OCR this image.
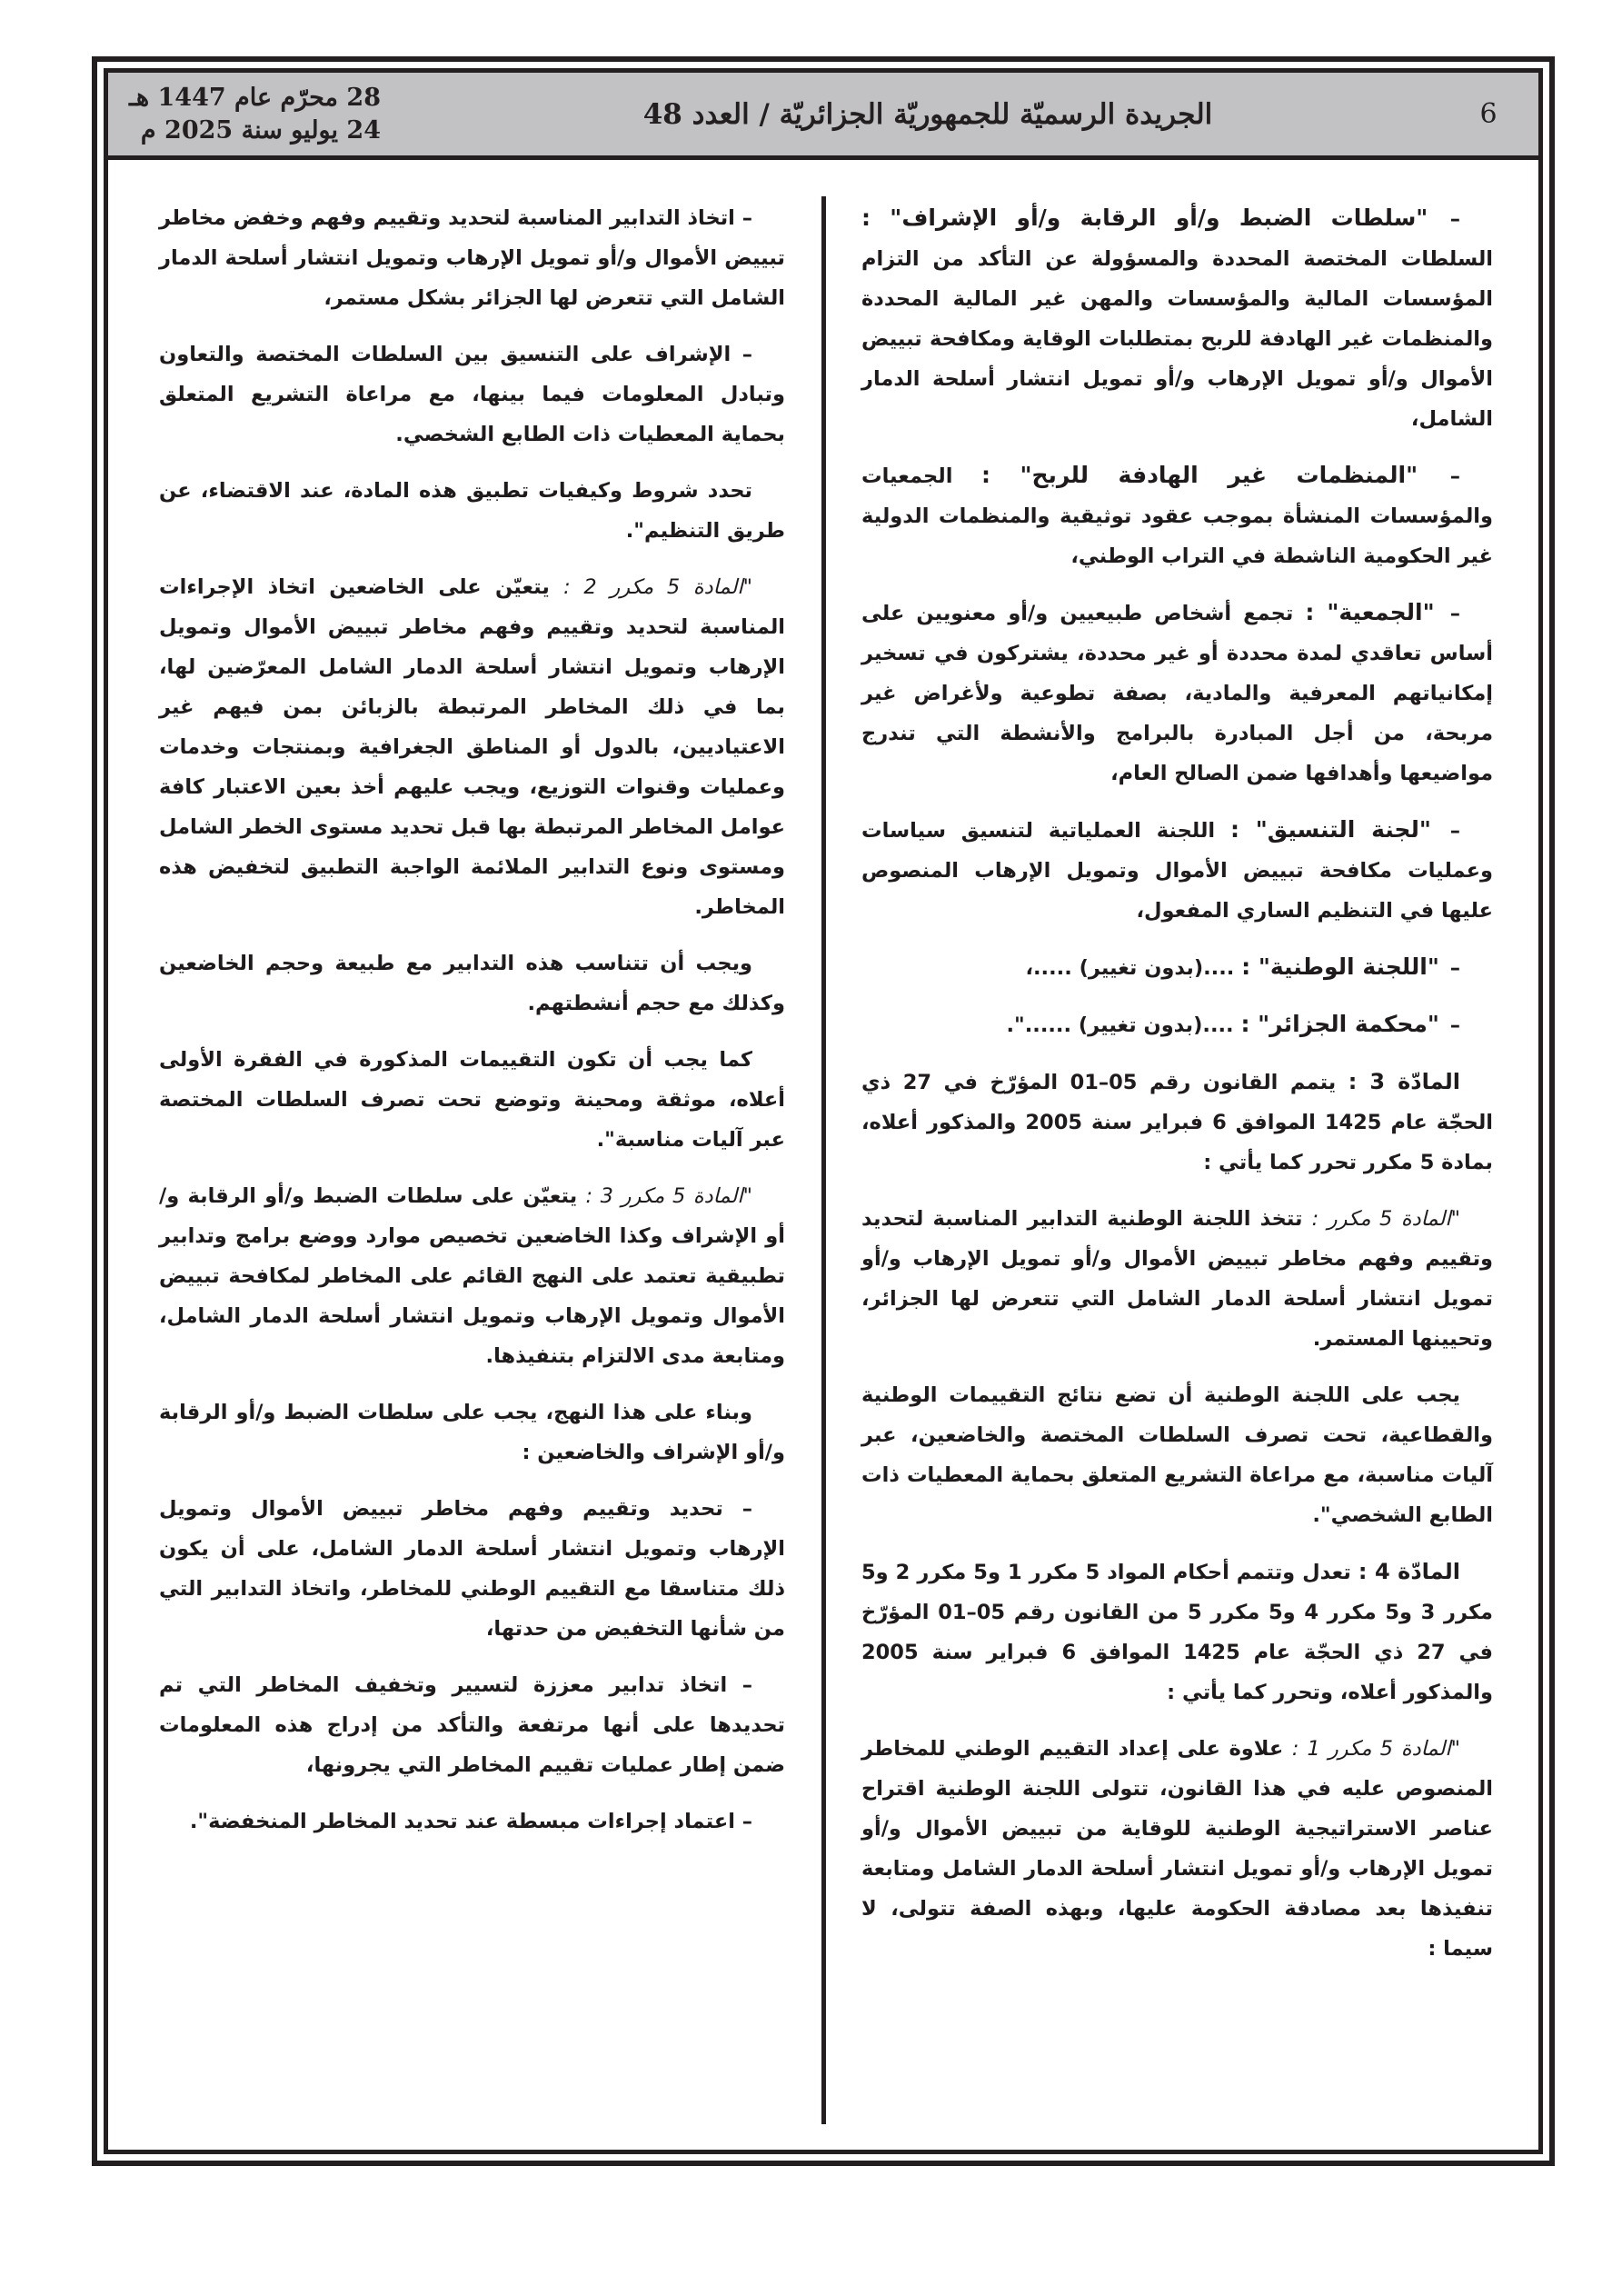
28 محرّم عام 1447 هـ
24 يوليو سنة 2025 م	الجريدة الرسميّة للجمهوريّة الجزائريّة / العدد 48	6

– "سلطات الضبط و/أو الرقابة و/أو الإشراف" : السلطات المختصة المحددة والمسؤولة عن التأكد من التزام المؤسسات المالية والمؤسسات والمهن غير المالية المحددة والمنظمات غير الهادفة للربح بمتطلبات الوقاية ومكافحة تبييض الأموال و/أو تمويل الإرهاب و/أو تمويل انتشار أسلحة الدمار الشامل،

– "المنظمات غير الهادفة للربح" : الجمعيات والمؤسسات المنشأة بموجب عقود توثيقية والمنظمات الدولية غير الحكومية الناشطة في التراب الوطني،

– "الجمعية" : تجمع أشخاص طبيعيين و/أو معنويين على أساس تعاقدي لمدة محددة أو غير محددة، يشتركون في تسخير إمكانياتهم المعرفية والمادية، بصفة تطوعية ولأغراض غير مربحة، من أجل المبادرة بالبرامج والأنشطة التي تندرج مواضيعها وأهدافها ضمن الصالح العام،

– "لجنة التنسيق" : اللجنة العملياتية لتنسيق سياسات وعمليات مكافحة تبييض الأموال وتمويل الإرهاب المنصوص عليها في التنظيم الساري المفعول،

– "اللجنة الوطنية" : ....(بدون تغيير) .....،

– "محكمة الجزائر" : ....(بدون تغيير) ......".

المادّة 3 : يتمم القانون رقم 05–01 المؤرّخ في 27 ذي الحجّة عام 1425 الموافق 6 فبراير سنة 2005 والمذكور أعلاه، بمادة 5 مكرر تحرر كما يأتي :

"المادة 5 مكرر : تتخذ اللجنة الوطنية التدابير المناسبة لتحديد وتقييم وفهم مخاطر تبييض الأموال و/أو تمويل الإرهاب و/أو تمويل انتشار أسلحة الدمار الشامل التي تتعرض لها الجزائر، وتحيينها المستمر.

يجب على اللجنة الوطنية أن تضع نتائج التقييمات الوطنية والقطاعية، تحت تصرف السلطات المختصة والخاضعين، عبر آليات مناسبة، مع مراعاة التشريع المتعلق بحماية المعطيات ذات الطابع الشخصي".

المادّة 4 : تعدل وتتمم أحكام المواد 5 مكرر 1 و5 مكرر 2 و5 مكرر 3 و5 مكرر 4 و5 مكرر 5 من القانون رقم 05–01 المؤرّخ في 27 ذي الحجّة عام 1425 الموافق 6 فبراير سنة 2005 والمذكور أعلاه، وتحرر كما يأتي :

"المادة 5 مكرر 1 : علاوة على إعداد التقييم الوطني للمخاطر المنصوص عليه في هذا القانون، تتولى اللجنة الوطنية اقتراح عناصر الاستراتيجية الوطنية للوقاية من تبييض الأموال و/أو تمويل الإرهاب و/أو تمويل انتشار أسلحة الدمار الشامل ومتابعة تنفيذها بعد مصادقة الحكومة عليها، وبهذه الصفة تتولى، لا سيما :

– اتخاذ التدابير المناسبة لتحديد وتقييم وفهم وخفض مخاطر تبييض الأموال و/أو تمويل الإرهاب وتمويل انتشار أسلحة الدمار الشامل التي تتعرض لها الجزائر بشكل مستمر،

– الإشراف على التنسيق بين السلطات المختصة والتعاون وتبادل المعلومات فيما بينها، مع مراعاة التشريع المتعلق بحماية المعطيات ذات الطابع الشخصي.

تحدد شروط وكيفيات تطبيق هذه المادة، عند الاقتضاء، عن طريق التنظيم".

"المادة 5 مكرر 2 : يتعيّن على الخاضعين اتخاذ الإجراءات المناسبة لتحديد وتقييم وفهم مخاطر تبييض الأموال وتمويل الإرهاب وتمويل انتشار أسلحة الدمار الشامل المعرّضين لها، بما في ذلك المخاطر المرتبطة بالزبائن بمن فيهم غير الاعتياديين، بالدول أو المناطق الجغرافية وبمنتجات وخدمات وعمليات وقنوات التوزيع، ويجب عليهم أخذ بعين الاعتبار كافة عوامل المخاطر المرتبطة بها قبل تحديد مستوى الخطر الشامل ومستوى ونوع التدابير الملائمة الواجبة التطبيق لتخفيض هذه المخاطر.

ويجب أن تتناسب هذه التدابير مع طبيعة وحجم الخاضعين وكذلك مع حجم أنشطتهم.

كما يجب أن تكون التقييمات المذكورة في الفقرة الأولى أعلاه، موثقة ومحينة وتوضع تحت تصرف السلطات المختصة عبر آليات مناسبة".

"المادة 5 مكرر 3 : يتعيّن على سلطات الضبط و/أو الرقابة و/أو الإشراف وكذا الخاضعين تخصيص موارد ووضع برامج وتدابير تطبيقية تعتمد على النهج القائم على المخاطر لمكافحة تبييض الأموال وتمويل الإرهاب وتمويل انتشار أسلحة الدمار الشامل، ومتابعة مدى الالتزام بتنفيذها.

وبناء على هذا النهج، يجب على سلطات الضبط و/أو الرقابة و/أو الإشراف والخاضعين :

– تحديد وتقييم وفهم مخاطر تبييض الأموال وتمويل الإرهاب وتمويل انتشار أسلحة الدمار الشامل، على أن يكون ذلك متناسقا مع التقييم الوطني للمخاطر، واتخاذ التدابير التي من شأنها التخفيض من حدتها،

– اتخاذ تدابير معززة لتسيير وتخفيف المخاطر التي تم تحديدها على أنها مرتفعة والتأكد من إدراج هذه المعلومات ضمن إطار عمليات تقييم المخاطر التي يجرونها،

– اعتماد إجراءات مبسطة عند تحديد المخاطر المنخفضة".
